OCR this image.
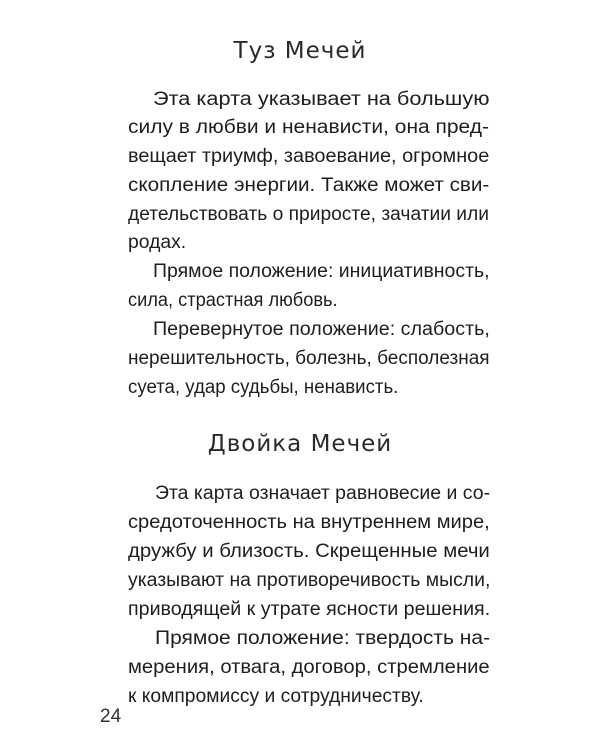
Туз Мечей
Эта карта указывает на большую
силу в любви и ненависти, она пред-
вещает триумф, завоевание, огромное
скопление энергии. Также может сви-
детельствовать о приросте, зачатии или
родах.
Прямое положение: инициативность,
сила, страстная любовь.
Перевернутое положение: слабость,
нерешительность, болезнь, бесполезная
суета, удар судьбы, ненависть.
Двойка Мечей
Эта карта означает равновесие и со-
средоточенность на внутреннем мире,
дружбу и близость. Скрещенные мечи
указывают на противоречивость мысли,
приводящей к утрате ясности решения.
Прямое положение: твердость на-
мерения, отвага, договор, стремление
к компромиссу и сотрудничеству.
24
